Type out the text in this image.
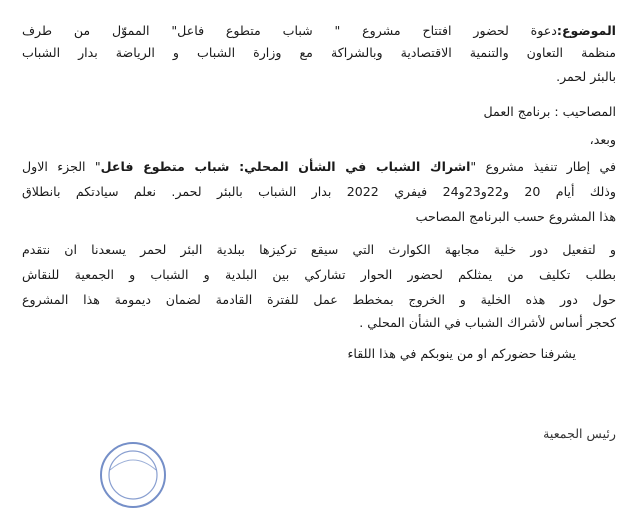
الموضوع:دعوة لحضور افتتاح مشروع " شباب متطوع فاعل" المموّل من طرف
منظمة التعاون والتنمية الاقتصادية وبالشراكة مع وزارة الشباب و الرياضة بدار الشباب
بالبئر لحمر.
المصاحيب : برنامج العمل
وبعد،
في إطار تنفيذ مشروع "اشراك الشباب في الشأن المحلي: شباب متطوع فاعل" الجزء الاول
وذلك أيام 20 و22و23و24 فيفري 2022 بدار الشباب بالبئر لحمر. نعلم سيادتكم بانطلاق
هذا المشروع حسب البرنامج المصاحب
و لتفعيل دور خلية مجابهة الكوارث التي سيقع تركيزها ببلدية البئر لحمر يسعدنا ان نتقدم
بطلب تكليف من يمثلكم لحضور الحوار تشاركي بين البلدية و الشباب و الجمعية للنقاش
حول دور هذه الخلية و الخروج بمخطط عمل للفترة القادمة لضمان ديمومة هذا المشروع
كحجر أساس لأشراك الشباب في الشأن المحلي .
يشرفنا حضوركم او من ينوبكم في هذا اللقاء
رئيس الجمعية
